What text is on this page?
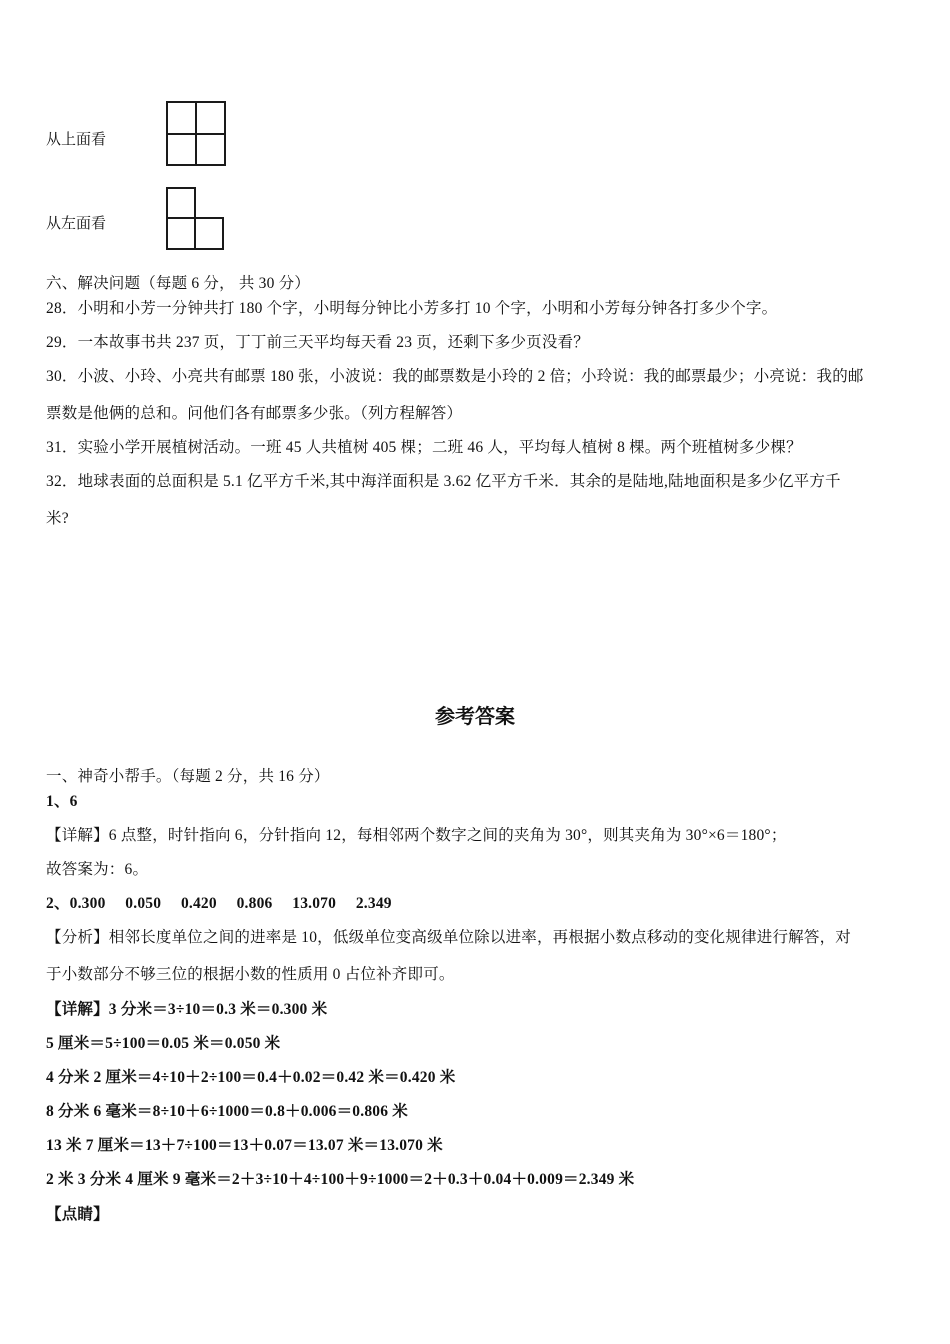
从上面看
从左面看
六、解决问题（每题 6 分， 共 30 分）
28．小明和小芳一分钟共打 180 个字，小明每分钟比小芳多打 10 个字，小明和小芳每分钟各打多少个字。
29．一本故事书共 237 页，丁丁前三天平均每天看 23 页，还剩下多少页没看？
30．小波、小玲、小亮共有邮票 180 张，小波说：我的邮票数是小玲的 2 倍；小玲说：我的邮票最少；小亮说：我的邮
票数是他俩的总和。问他们各有邮票多少张。（列方程解答）
31．实验小学开展植树活动。一班 45 人共植树 405 棵；二班 46 人，平均每人植树 8 棵。两个班植树多少棵？
32．地球表面的总面积是 5.1 亿平方千米,其中海洋面积是 3.62 亿平方千米．其余的是陆地,陆地面积是多少亿平方千
米?
参考答案
一、神奇小帮手。（每题 2 分，共 16 分）
1、6
【详解】6 点整，时针指向 6，分针指向 12，每相邻两个数字之间的夹角为 30°，则其夹角为 30°×6＝180°；
故答案为：6。
2、0.300　 0.050　 0.420　 0.806　 13.070　 2.349
【分析】相邻长度单位之间的进率是 10，低级单位变高级单位除以进率，再根据小数点移动的变化规律进行解答，对
于小数部分不够三位的根据小数的性质用 0 占位补齐即可。
【详解】3 分米＝3÷10＝0.3 米＝0.300 米
5 厘米＝5÷100＝0.05 米＝0.050 米
4 分米 2 厘米＝4÷10＋2÷100＝0.4＋0.02＝0.42 米＝0.420 米
8 分米 6 毫米＝8÷10＋6÷1000＝0.8＋0.006＝0.806 米
13 米 7 厘米＝13＋7÷100＝13＋0.07＝13.07 米＝13.070 米
2 米 3 分米 4 厘米 9 毫米＝2＋3÷10＋4÷100＋9÷1000＝2＋0.3＋0.04＋0.009＝2.349 米
【点睛】
